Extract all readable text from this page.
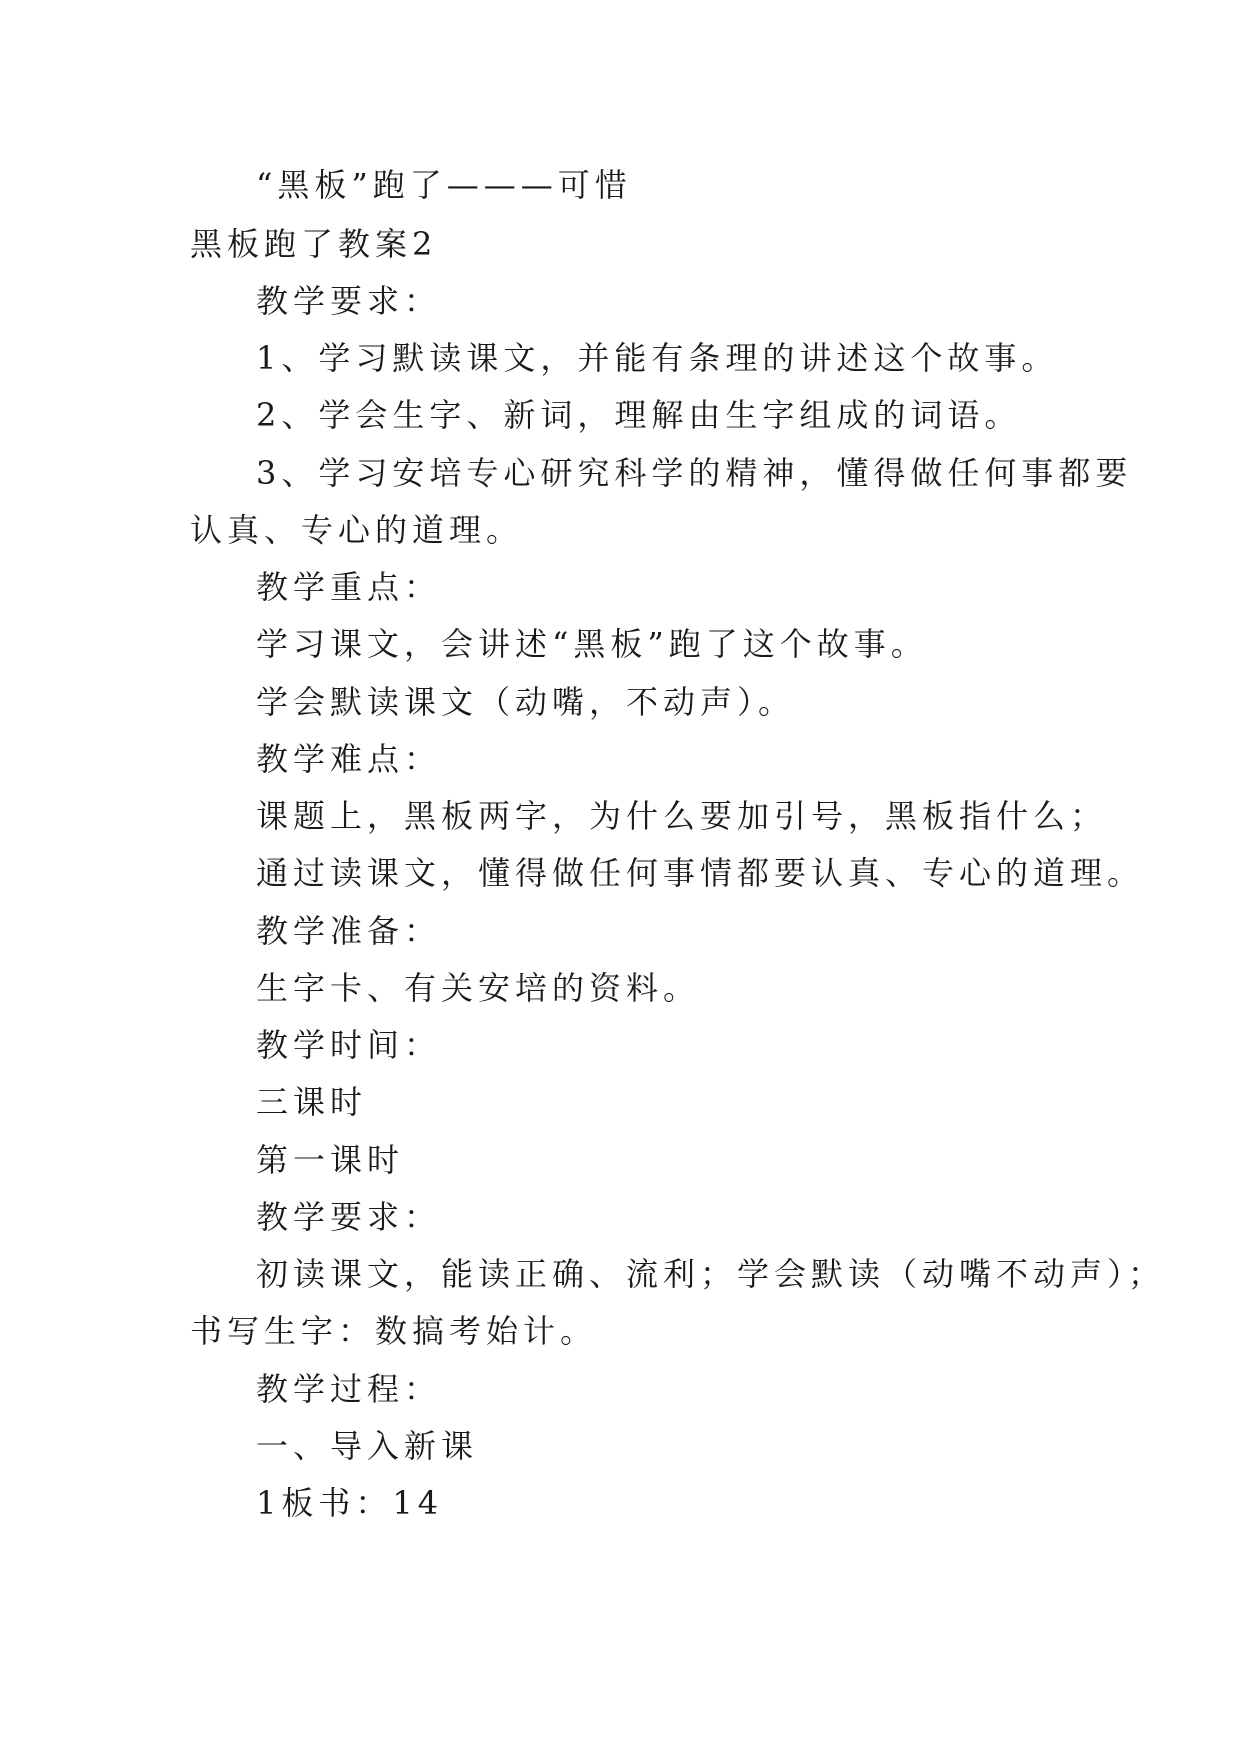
“黑板”跑了———可惜
黑板跑了教案2
教学要求：
1、学习默读课文，并能有条理的讲述这个故事。
2、学会生字、新词，理解由生字组成的词语。
3、学习安培专心研究科学的精神，懂得做任何事都要
认真、专心的道理。
教学重点：
学习课文，会讲述“黑板”跑了这个故事。
学会默读课文（动嘴，不动声）。
教学难点：
课题上，黑板两字，为什么要加引号，黑板指什么；
通过读课文，懂得做任何事情都要认真、专心的道理。
教学准备：
生字卡、有关安培的资料。
教学时间：
三课时
第一课时
教学要求：
初读课文，能读正确、流利；学会默读（动嘴不动声）；
书写生字：数搞考始计。
教学过程：
一、导入新课
1板书：14
